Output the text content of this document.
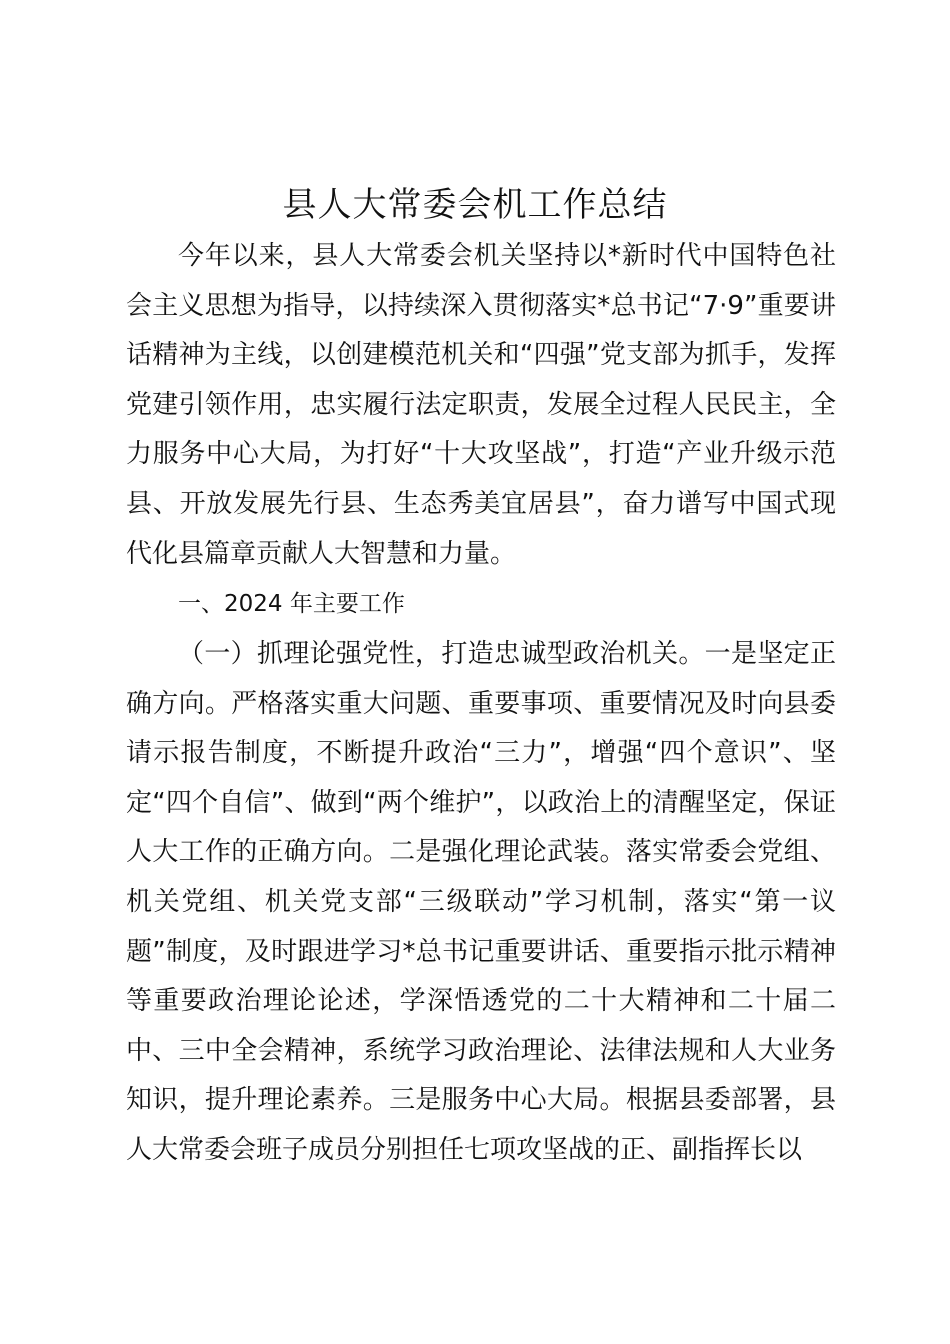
县人大常委会机工作总结

今年以来，县人大常委会机关坚持以*新时代中国特色社会主义思想为指导，以持续深入贯彻落实*总书记“7·9”重要讲话精神为主线，以创建模范机关和“四强”党支部为抓手，发挥党建引领作用，忠实履行法定职责，发展全过程人民民主，全力服务中心大局，为打好“十大攻坚战”，打造“产业升级示范县、开放发展先行县、生态秀美宜居县”，奋力谱写中国式现代化县篇章贡献人大智慧和力量。

一、2024 年主要工作

（一）抓理论强党性，打造忠诚型政治机关。一是坚定正确方向。严格落实重大问题、重要事项、重要情况及时向县委请示报告制度，不断提升政治“三力”，增强“四个意识”、坚定“四个自信”、做到“两个维护”，以政治上的清醒坚定，保证人大工作的正确方向。二是强化理论武装。落实常委会党组、机关党组、机关党支部“三级联动”学习机制，落实“第一议题”制度，及时跟进学习*总书记重要讲话、重要指示批示精神等重要政治理论论述，学深悟透党的二十大精神和二十届二中、三中全会精神，系统学习政治理论、法律法规和人大业务知识，提升理论素养。三是服务中心大局。根据县委部署，县人大常委会班子成员分别担任七项攻坚战的正、副指挥长以
